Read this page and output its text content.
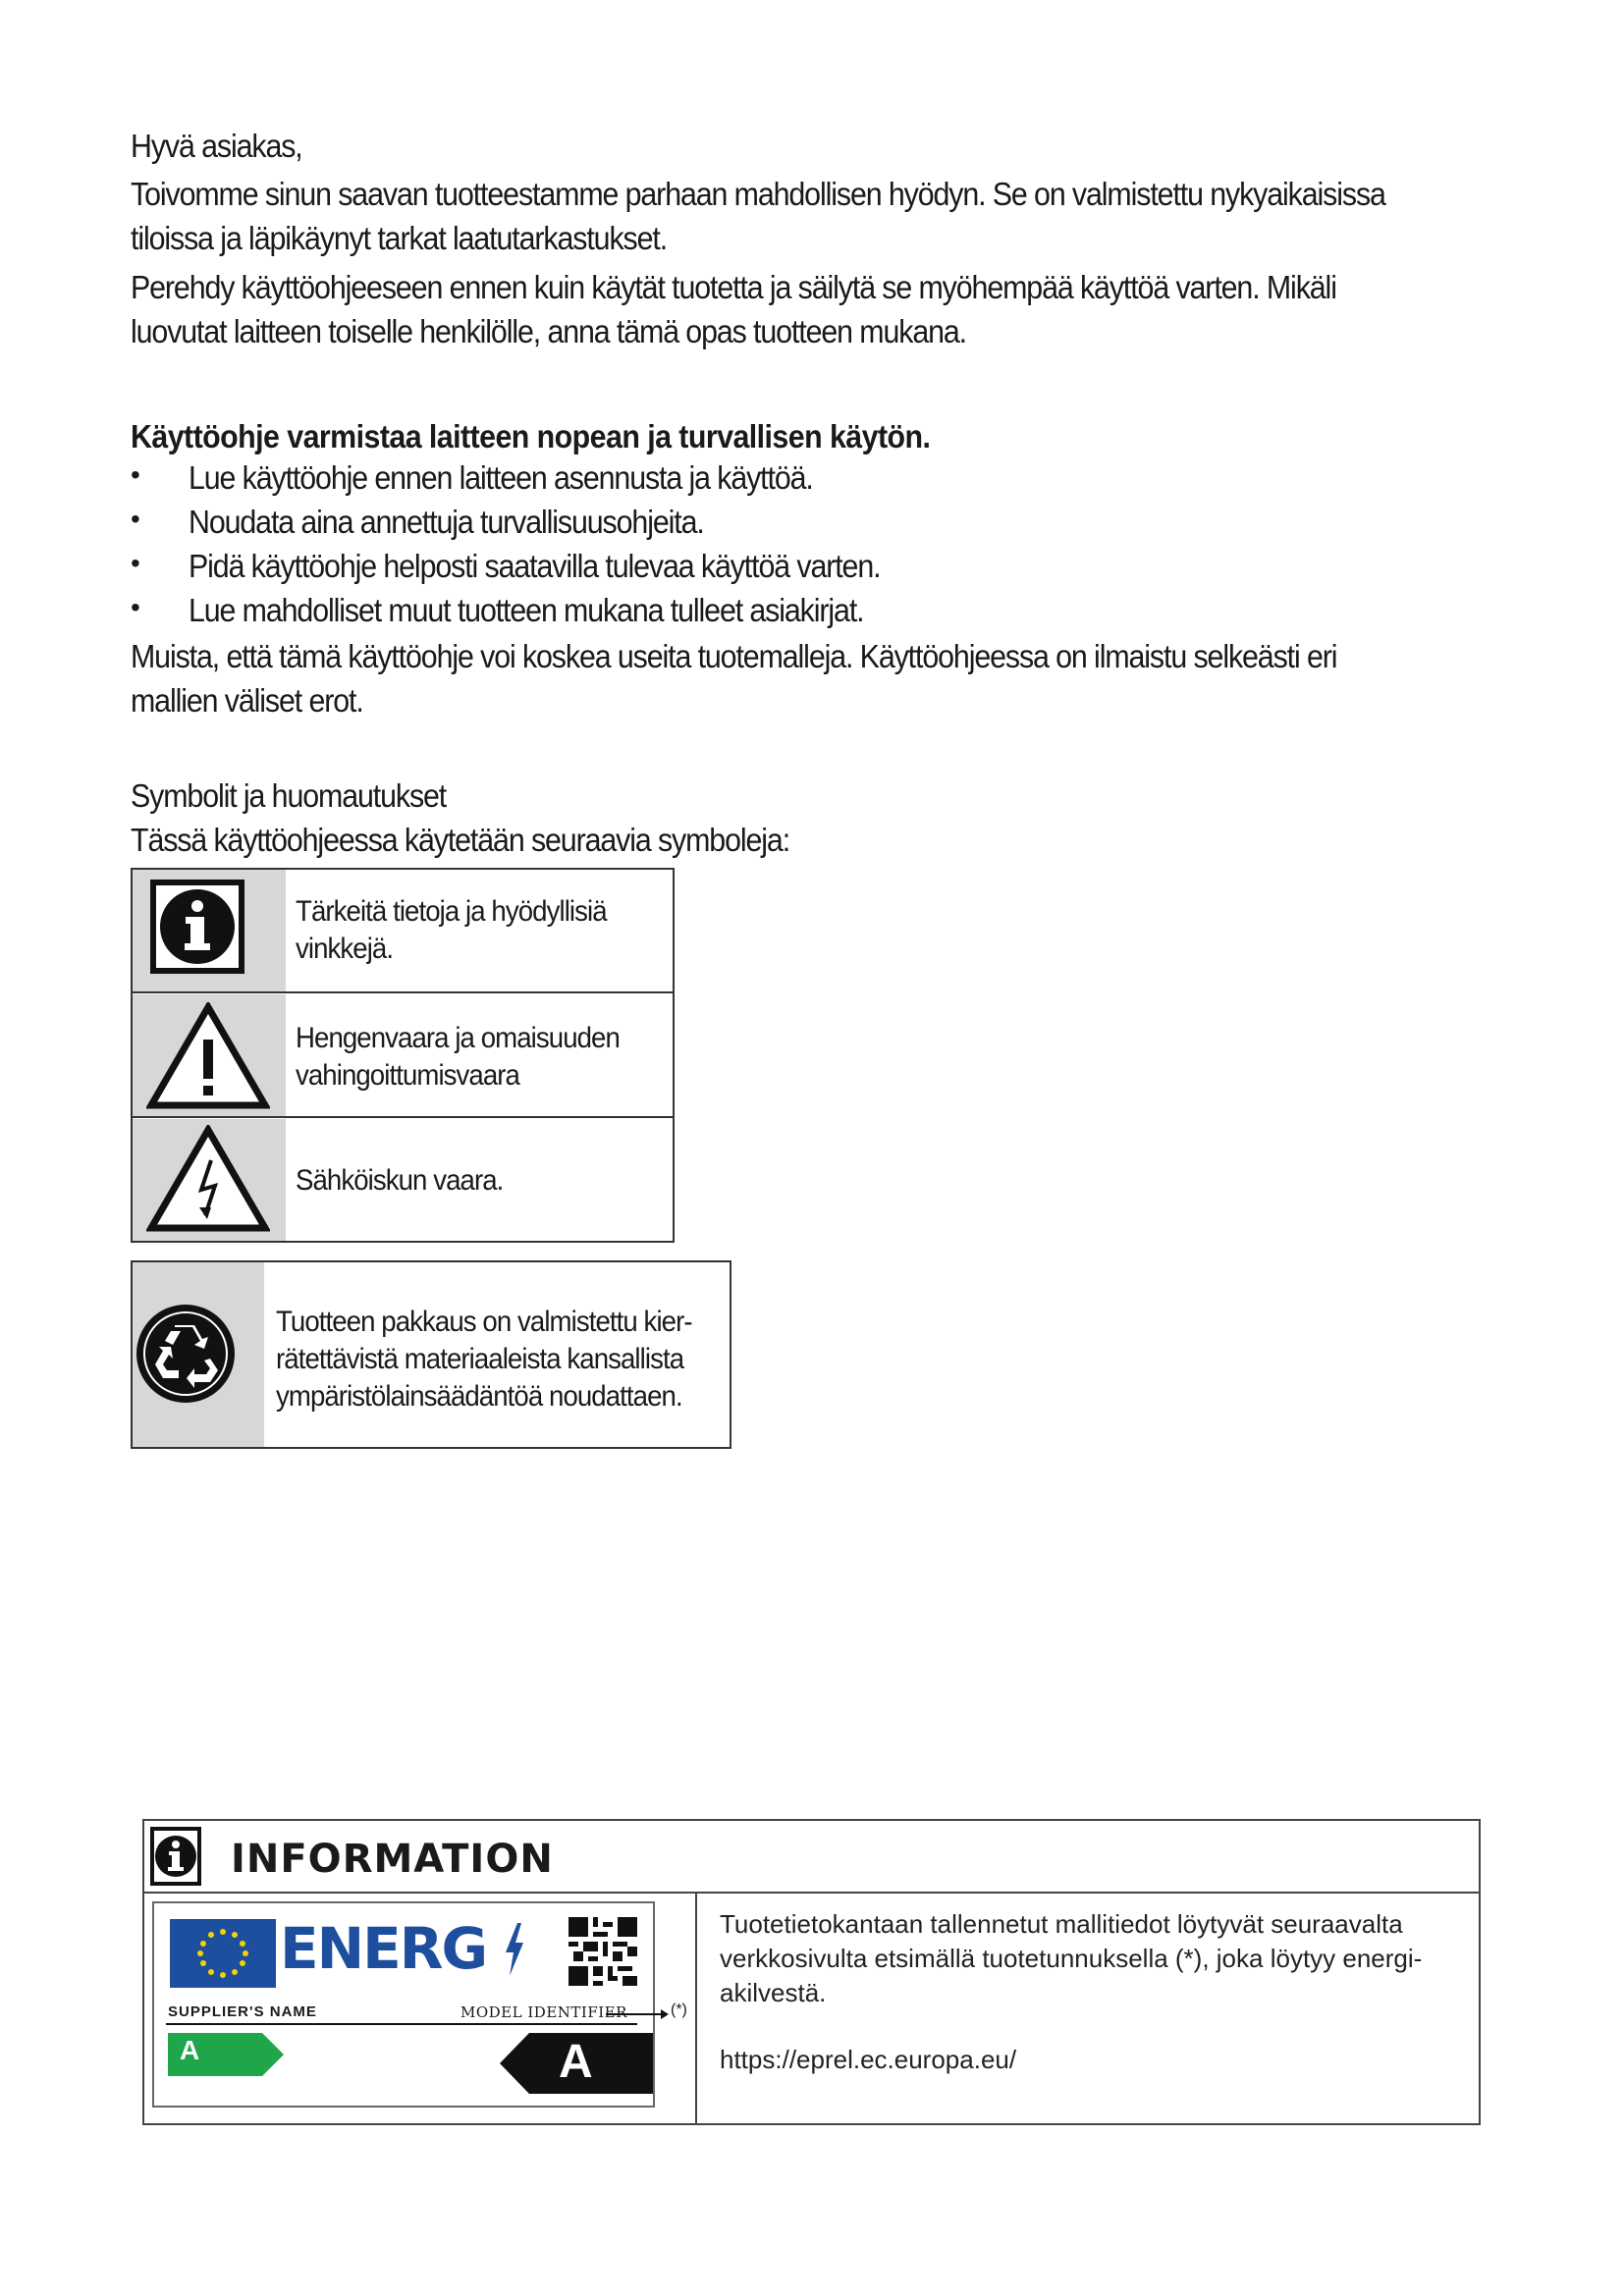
Hyvä asiakas,
Toivomme sinun saavan tuotteestamme parhaan mahdollisen hyödyn. Se on valmistettu nykyaikaisissa
tiloissa ja läpikäynyt tarkat laatutarkastukset.
Perehdy käyttöohjeeseen ennen kuin käytät tuotetta ja säilytä se myöhempää käyttöä varten. Mikäli
luovutat laitteen toiselle henkilölle, anna tämä opas tuotteen mukana.
Käyttöohje varmistaa laitteen nopean ja turvallisen käytön.
• Lue käyttöohje ennen laitteen asennusta ja käyttöä.
• Noudata aina annettuja turvallisuusohjeita.
• Pidä käyttöohje helposti saatavilla tulevaa käyttöä varten.
• Lue mahdolliset muut tuotteen mukana tulleet asiakirjat.
Muista, että tämä käyttöohje voi koskea useita tuotemalleja. Käyttöohjeessa on ilmaistu selkeästi eri
mallien väliset erot.
Symbolit ja huomautukset
Tässä käyttöohjeessa käytetään seuraavia symboleja:
Tärkeitä tietoja ja hyödyllisiä
vinkkejä.
Hengenvaara ja omaisuuden
vahingoittumisvaara
Sähköiskun vaara.
Tuotteen pakkaus on valmistettu kier-
rätettävistä materiaaleista kansallista
ympäristölainsäädäntöä noudattaen.
INFORMATION
ENERG
SUPPLIER'S NAME	MODEL IDENTIFIER
A	A
(*)
Tuotetietokantaan tallennetut mallitiedot löytyvät seuraavalta
verkkosivulta etsimällä tuotetunnuksella (*), joka löytyy energi-
akilvestä.
https://eprel.ec.europa.eu/
